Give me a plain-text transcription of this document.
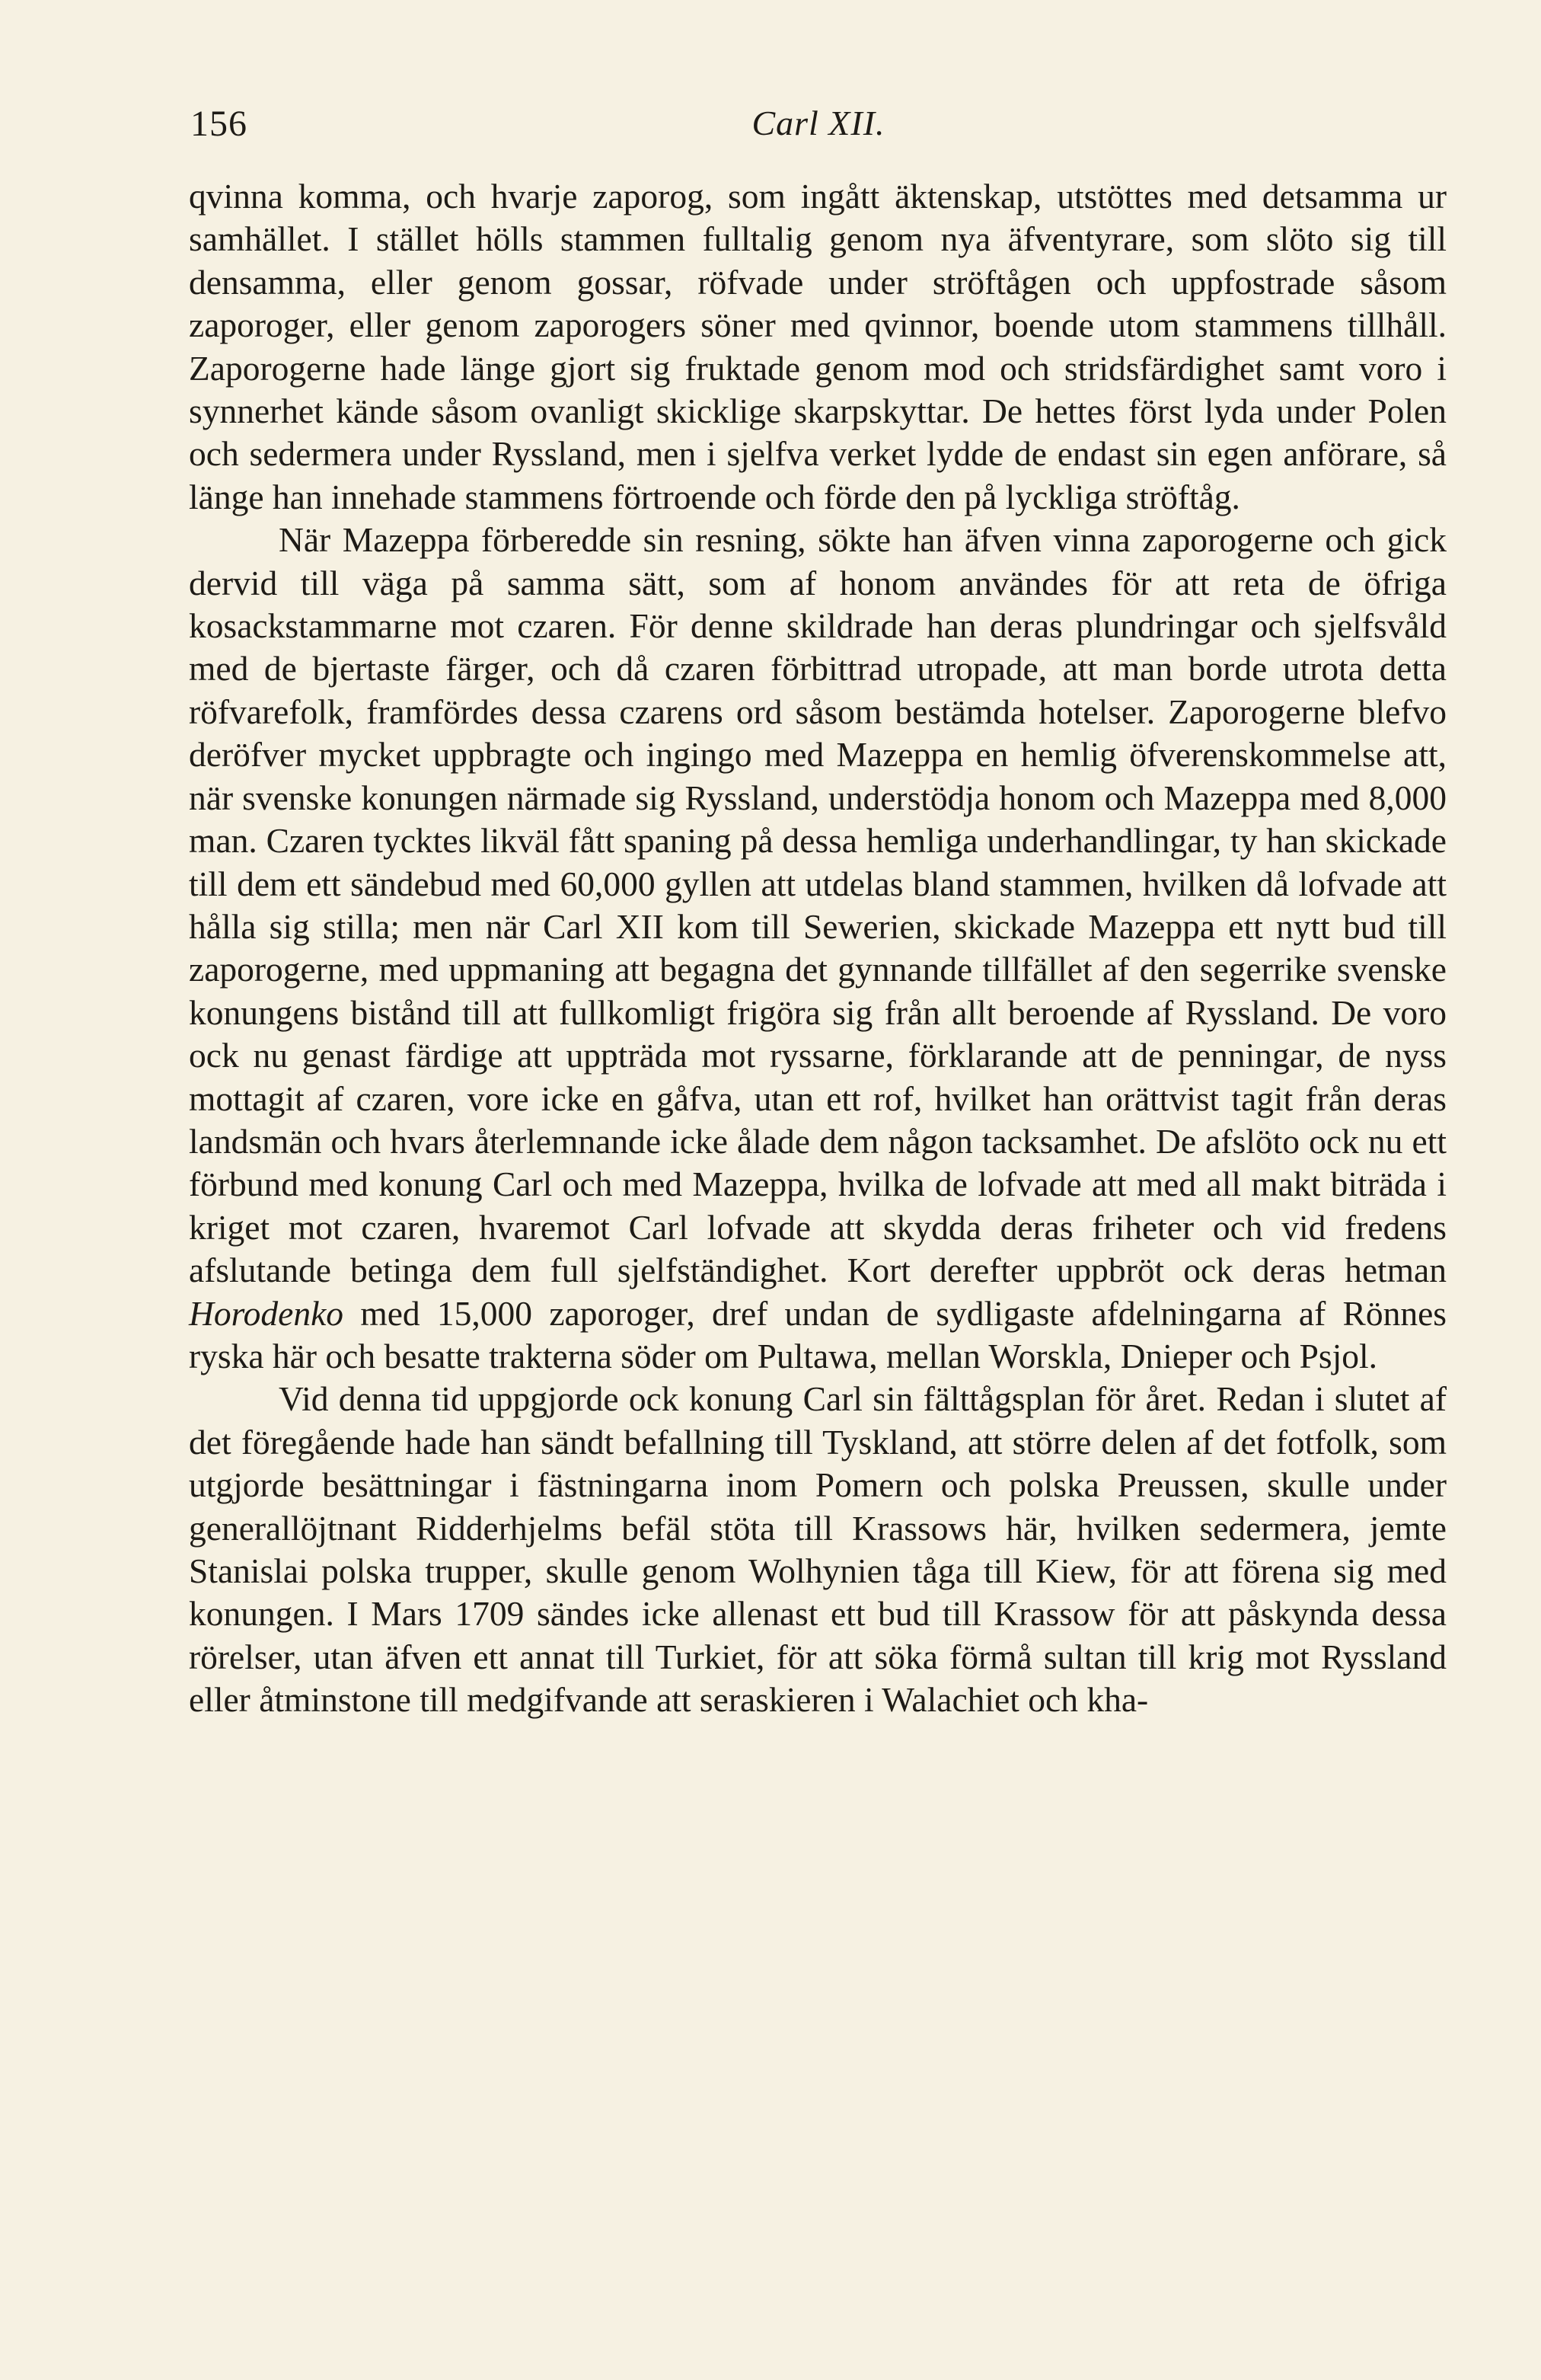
156	Carl XII.

qvinna komma, och hvarje zaporog, som ingått äktenskap, utstöttes med detsamma ur samhället. I stället hölls stammen fulltalig genom nya äfventyrare, som slöto sig till densamma, eller genom gossar, röfvade under ströftågen och uppfostrade såsom zaporoger, eller genom zaporogers söner med qvinnor, boende utom stammens tillhåll. Zaporogerne hade länge gjort sig fruktade genom mod och stridsfärdighet samt voro i synnerhet kände såsom ovanligt skicklige skarpskyttar. De hettes först lyda under Polen och sedermera under Ryssland, men i sjelfva verket lydde de endast sin egen anförare, så länge han innehade stammens förtroende och förde den på lyckliga ströftåg.

När Mazeppa förberedde sin resning, sökte han äfven vinna zaporogerne och gick dervid till väga på samma sätt, som af honom användes för att reta de öfriga kosackstammarne mot czaren. För denne skildrade han deras plundringar och sjelfsvåld med de bjertaste färger, och då czaren förbittrad utropade, att man borde utrota detta röfvarefolk, framfördes dessa czarens ord såsom bestämda hotelser. Zaporogerne blefvo deröfver mycket uppbragte och ingingo med Mazeppa en hemlig öfverenskommelse att, när svenske konungen närmade sig Ryssland, understödja honom och Mazeppa med 8,000 man. Czaren tycktes likväl fått spaning på dessa hemliga underhandlingar, ty han skickade till dem ett sändebud med 60,000 gyllen att utdelas bland stammen, hvilken då lofvade att hålla sig stilla; men när Carl XII kom till Sewerien, skickade Mazeppa ett nytt bud till zaporogerne, med uppmaning att begagna det gynnande tillfället af den segerrike svenske konungens bistånd till att fullkomligt frigöra sig från allt beroende af Ryssland. De voro ock nu genast färdige att uppträda mot ryssarne, förklarande att de penningar, de nyss mottagit af czaren, vore icke en gåfva, utan ett rof, hvilket han orättvist tagit från deras landsmän och hvars återlemnande icke ålade dem någon tacksamhet. De afslöto ock nu ett förbund med konung Carl och med Mazeppa, hvilka de lofvade att med all makt biträda i kriget mot czaren, hvaremot Carl lofvade att skydda deras friheter och vid fredens afslutande betinga dem full sjelfständighet. Kort derefter uppbröt ock deras hetman Horodenko med 15,000 zaporoger, dref undan de sydligaste afdelningarna af Rönnes ryska här och besatte trakterna söder om Pultawa, mellan Worskla, Dnieper och Psjol.

Vid denna tid uppgjorde ock konung Carl sin fälttågsplan för året. Redan i slutet af det föregående hade han sändt befallning till Tyskland, att större delen af det fotfolk, som utgjorde besättningar i fästningarna inom Pomern och polska Preussen, skulle under generallöjtnant Ridderhjelms befäl stöta till Krassows här, hvilken sedermera, jemte Stanislai polska trupper, skulle genom Wolhynien tåga till Kiew, för att förena sig med konungen. I Mars 1709 sändes icke allenast ett bud till Krassow för att påskynda dessa rörelser, utan äfven ett annat till Turkiet, för att söka förmå sultan till krig mot Ryssland eller åtminstone till medgifvande att seraskieren i Walachiet och kha-
